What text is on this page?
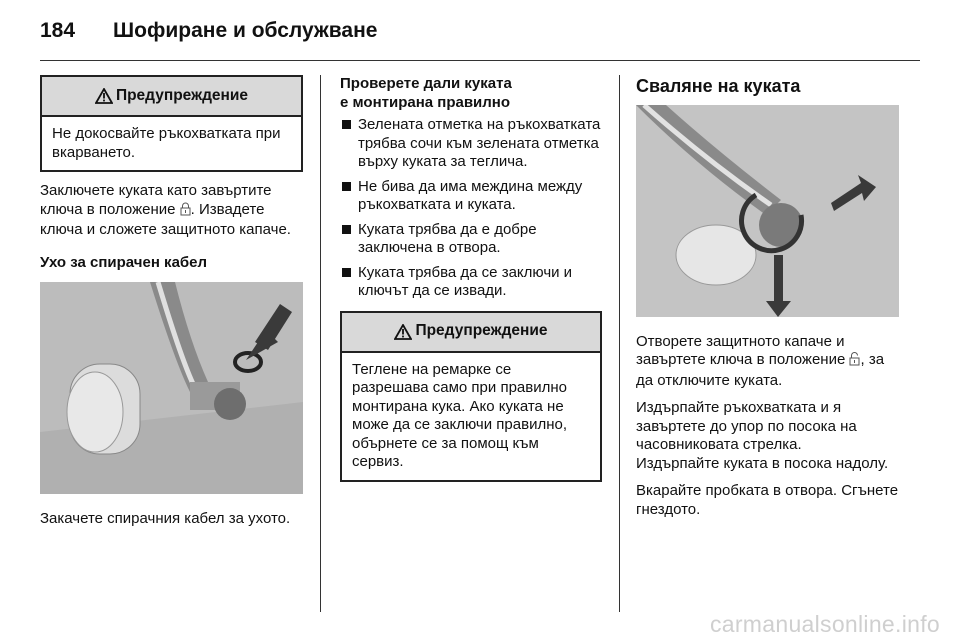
184 Шофиране и обслужване
Предупреждение
Не докосвайте ръкохватката при вкарването.

Заключете куката като завъртите ключа в положение . Извадете ключа и сложете защитното капаче.

Ухо за спирачен кабел

Закачете спирачния кабел за ухото.

Проверете дали куката

е монтирана правилно

Зелената отметка на ръкохватката трябва сочи към зелената отметка върху куката за теглича.
Не бива да има междина между ръкохватката и куката.
Куката трябва да е добре заключена в отвора.
Куката трябва да се заключи и ключът да се извади.
Предупреждение
Теглене на ремарке се разрешава само при правилно монтирана кука. Ако куката не може да се заключи правилно, обърнете се за помощ към сервиз.

Сваляне на куката

Отворете защитното капаче и завъртете ключа в положение , за да отключите куката.

Издърпайте ръкохватката и я завъртете до упор по посока на часовниковата стрелка.

Издърпайте куката в посока надолу.

Вкарайте пробката в отвора. Сгънете гнездото.

carmanualsonline.info
